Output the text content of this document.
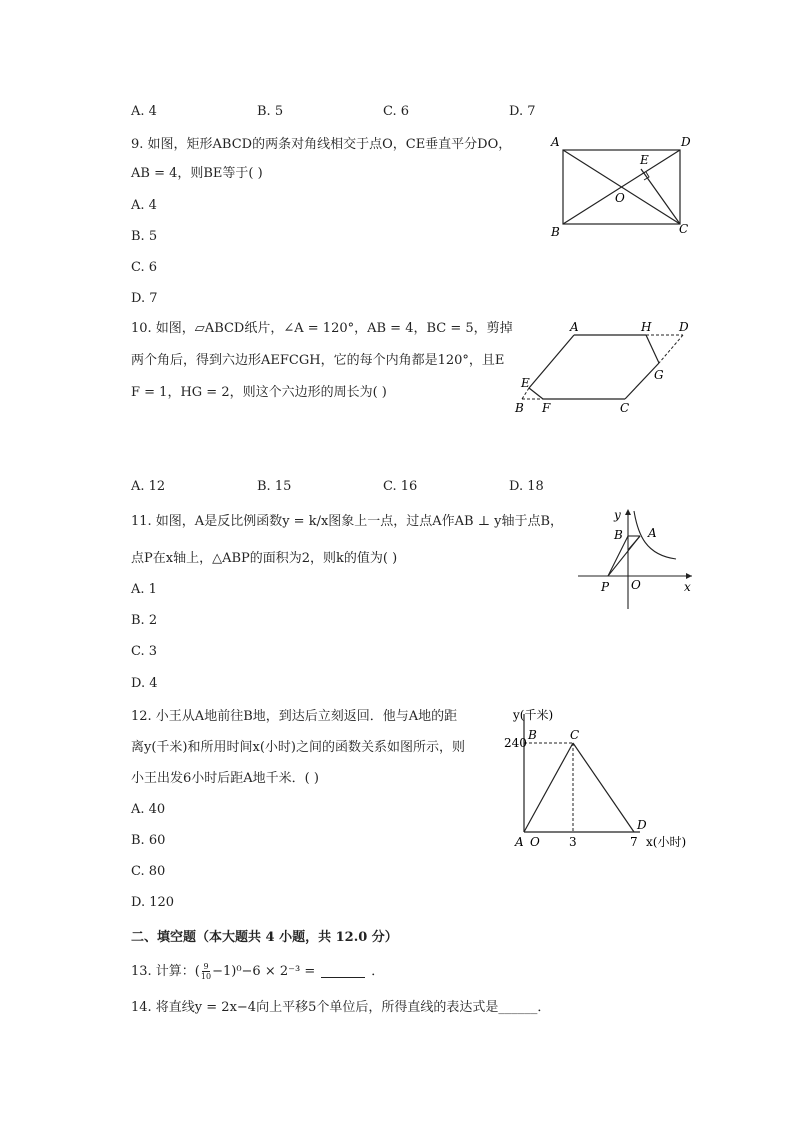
A. 4	B. 5	C. 6	D. 7
9. 如图，矩形ABCD的两条对角线相交于点O，CE垂直平分DO，
AB = 4，则BE等于( )
A. 4
B. 5
C. 6
D. 7
A	D
E
O
B	C
10. 如图，▱ABCD纸片，∠A = 120°，AB = 4，BC = 5，剪掉
两个角后，得到六边形AEFCGH，它的每个内角都是120°，且E
F = 1，HG = 2，则这个六边形的周长为( )
A	H D
G
E
B F	C
A. 12	B. 15	C. 16	D. 18
11. 如图，A是反比例函数y = k/x图象上一点，过点A作AB ⊥ y轴于点B，
点P在x轴上，△ABP的面积为2，则k的值为( )
A. 1
B. 2
C. 3
D. 4
y
B A
P O	x
12. 小王从A地前往B地，到达后立刻返回．他与A地的距
离y(千米)和所用时间x(小时)之间的函数关系如图所示，则
小王出发6小时后距A地千米．( )
A. 40
B. 60
C. 80
D. 120
y(千米)
240
B	C
A O 3
D
7 x(小时)
二、填空题（本大题共 4 小题，共 12.0 分）
13. 计算：( $\frac{9}{10} -1)^0-6 \times 2^{-3}$ =	．
14. 将直线y = 2x−4向上平移5个单位后，所得直线的表达式是______．
